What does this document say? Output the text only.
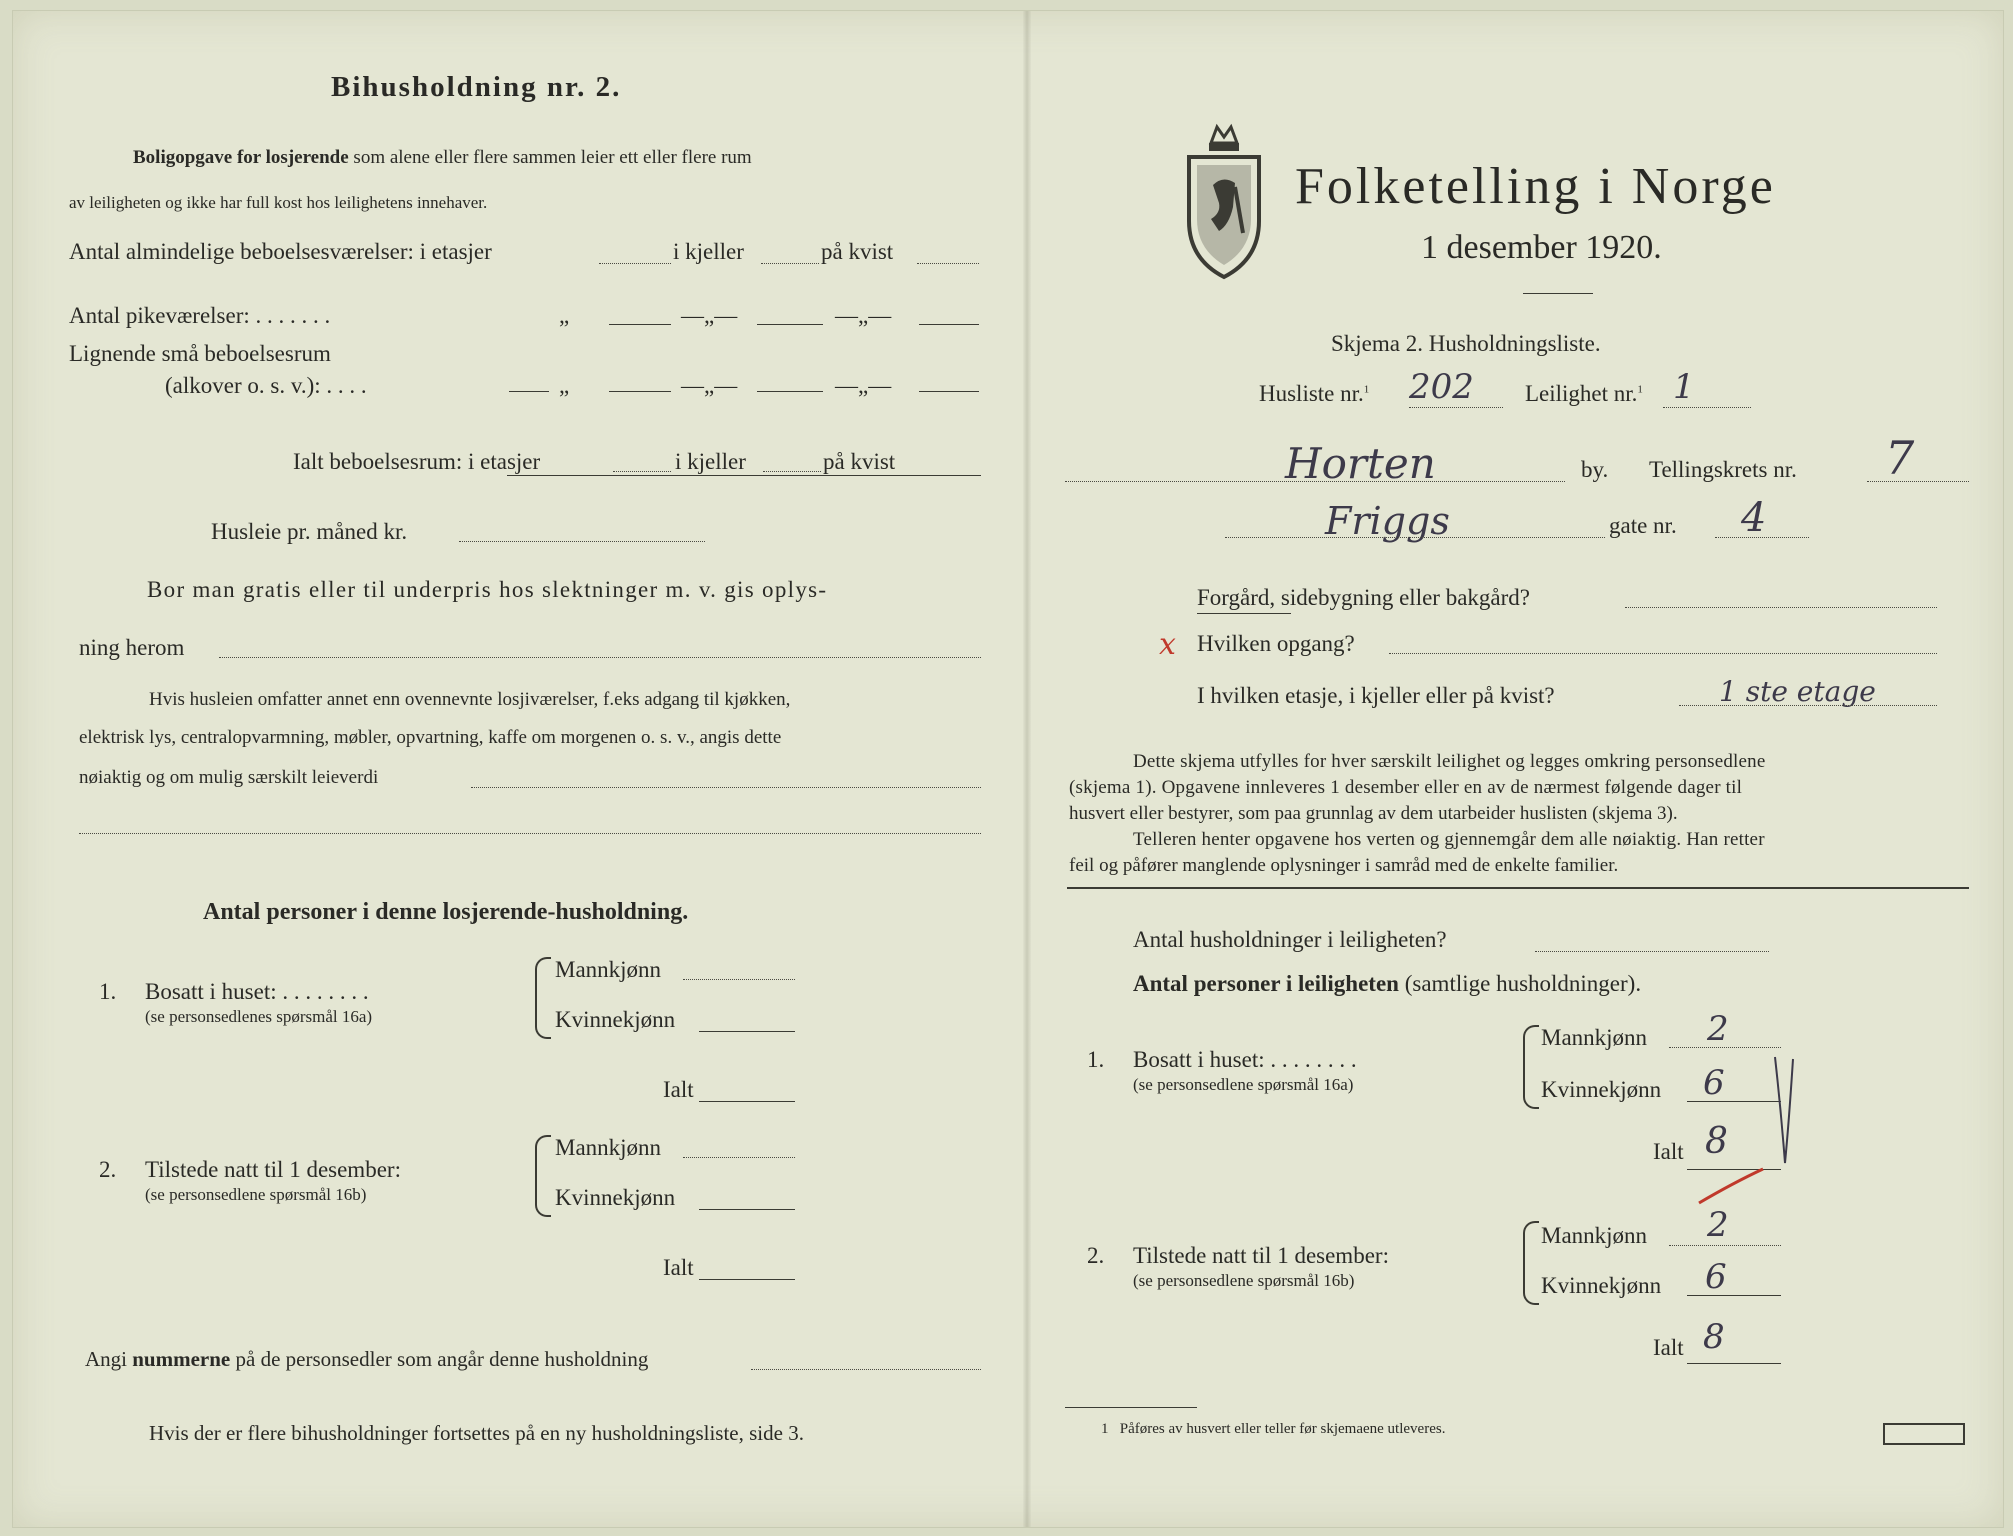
Bihusholdning nr. 2.
Boligopgave for losjerende som alene eller flere sammen leier ett eller flere rum
av leiligheten og ikke har full kost hos leilighetens innehaver.
Antal almindelige beboelsesværelser: i etasjer	i kjeller	på kvist
Antal pikeværelser: . . . . . . .	„	—„—	—„—
Lignende små beboelsesrum
(alkover o. s. v.): . . . .	„	—„—	—„—
Ialt beboelsesrum: i etasjer	i kjeller	på kvist
Husleie pr. måned kr.
Bor man gratis eller til underpris hos slektninger m. v. gis oplys-
ning herom
Hvis husleien omfatter annet enn ovennevnte losjiværelser, f.eks adgang til kjøkken,
elektrisk lys, centralopvarmning, møbler, opvartning, kaffe om morgenen o. s. v., angis dette
nøiaktig og om mulig særskilt leieverdi
Antal personer i denne losjerende-husholdning.
1. Bosatt i huset: . . . . . . . .
(se personsedlenes spørsmål 16a)
Mannkjønn
Kvinnekjønn
Ialt
2. Tilstede natt til 1 desember:
(se personsedlene spørsmål 16b)
Mannkjønn
Kvinnekjønn
Ialt
Angi nummerne på de personsedler som angår denne husholdning
Hvis der er flere bihusholdninger fortsettes på en ny husholdningsliste, side 3.
Folketelling i Norge
1 desember 1920.
Skjema 2. Husholdningsliste.
Husliste nr.$^1$ 202 Leilighet nr.$^1$ 1
Horten	by. Tellingskrets nr. 7
Friggs	gate nr. 4
Forgård, sidebygning eller bakgård?
x Hvilken opgang?
I hvilken etasje, i kjeller eller på kvist?	1 ste etage
Dette skjema utfylles for hver særskilt leilighet og legges omkring personsedlene
(skjema 1). Opgavene innleveres 1 desember eller en av de nærmest følgende dager til
husvert eller bestyrer, som paa grunnlag av dem utarbeider huslisten (skjema 3).
Telleren henter opgavene hos verten og gjennemgår dem alle nøiaktig. Han retter
feil og påfører manglende oplysninger i samråd med de enkelte familier.
Antal husholdninger i leiligheten?
Antal personer i leiligheten (samtlige husholdninger).
1. Bosatt i huset: . . . . . . . .
(se personsedlene spørsmål 16a)
Mannkjønn 2
Kvinnekjønn 6
Ialt 8
2. Tilstede natt til 1 desember:
(se personsedlene spørsmål 16b)
Mannkjønn 2
Kvinnekjønn 6
Ialt 8
1 Påføres av husvert eller teller før skjemaene utleveres.
